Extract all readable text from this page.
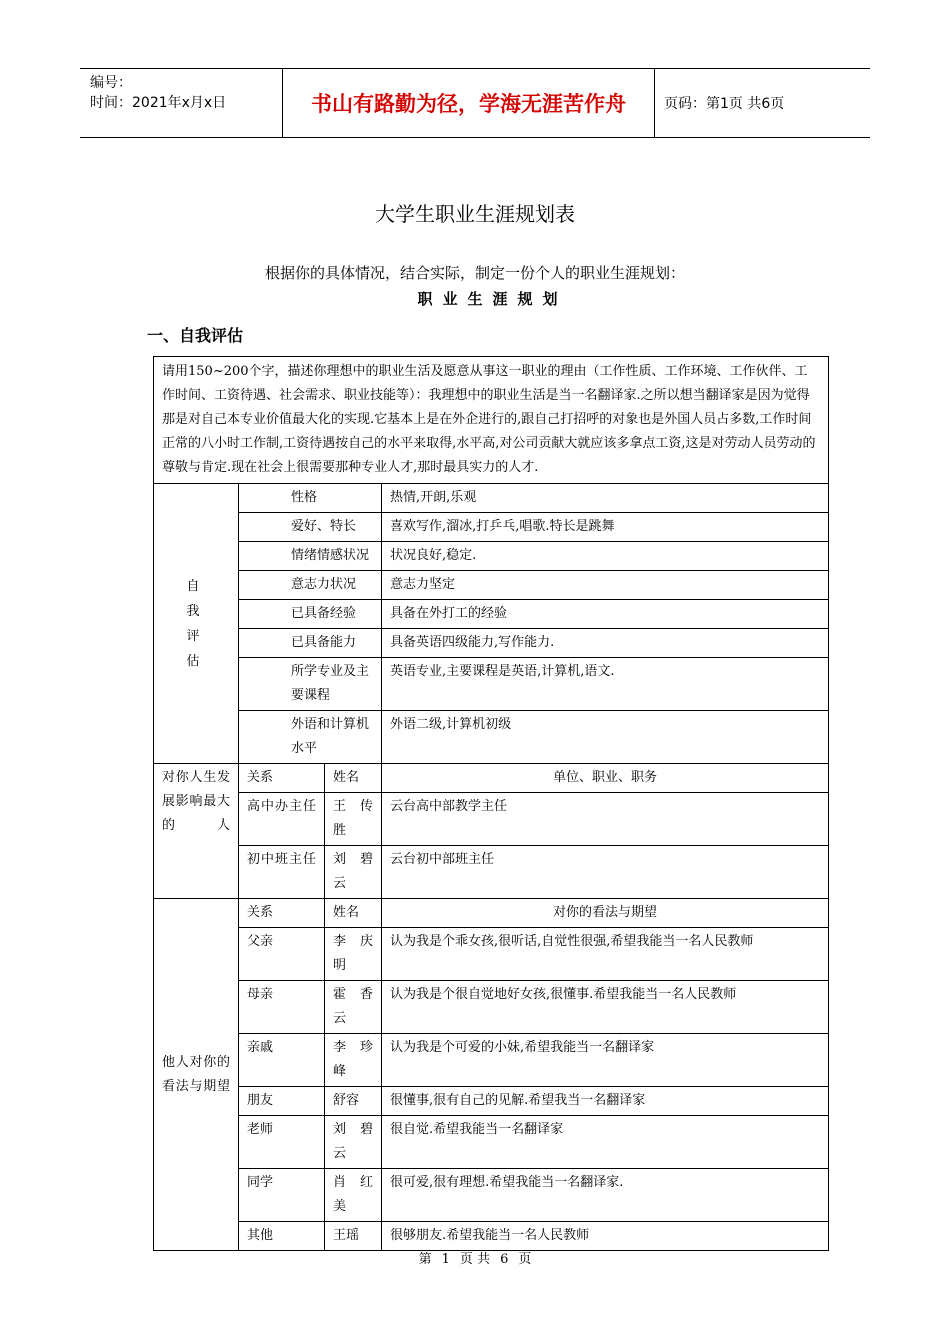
编号：
时间：2021年x月x日	书山有路勤为径，学海无涯苦作舟	页码：第1页 共6页
大学生职业生涯规划表
根据你的具体情况，结合实际，制定一份个人的职业生涯规划：
职业生涯规划
一、自我评估
请用150~200个字，描述你理想中的职业生活及愿意从事这一职业的理由（工作性质、工作环境、工作伙伴、工作时间、工资待遇、社会需求、职业技能等）：我理想中的职业生活是当一名翻译家.之所以想当翻译家是因为觉得那是对自己本专业价值最大化的实现.它基本上是在外企进行的,跟自己打招呼的对象也是外国人员占多数,工作时间正常的八小时工作制,工资待遇按自己的水平来取得,水平高,对公司贡献大就应该多拿点工资,这是对劳动人员劳动的尊敬与肯定.现在社会上很需要那种专业人才,那时最具实力的人才.			

自我评估	性格		热情,开朗,乐观
	爱好、特长		喜欢写作,溜冰,打乒乓,唱歌.特长是跳舞
	情绪情感状况		状况良好,稳定.
	意志力状况		意志力坚定
	已具备经验		具备在外打工的经验
	已具备能力		具备英语四级能力,写作能力.
	所学专业及主要课程		英语专业,主要课程是英语,计算机,语文.
	外语和计算机水平		外语二级,计算机初级
对你人生发展影响最大的人	关系	姓名	单位、职业、职务
	高中办主任	王 传 胜	云台高中部教学主任
	初中班主任	刘 碧 云	云台初中部班主任
他人对你的看法与期望	关系	姓名	对你的看法与期望
	父亲	李 庆 明	认为我是个乖女孩,很听话,自觉性很强,希望我能当一名人民教师
	母亲	霍 香 云	认为我是个很自觉地好女孩,很懂事.希望我能当一名人民教师
	亲戚	李 珍 峰	认为我是个可爱的小妹,希望我能当一名翻译家
	朋友	舒容	很懂事,很有自己的见解.希望我当一名翻译家
	老师	刘 碧 云	很自觉.希望我能当一名翻译家
	同学	肖 红 美	很可爱,很有理想.希望我能当一名翻译家.
	其他	王瑶	很够朋友.希望我能当一名人民教师
第 1 页 共 6 页
